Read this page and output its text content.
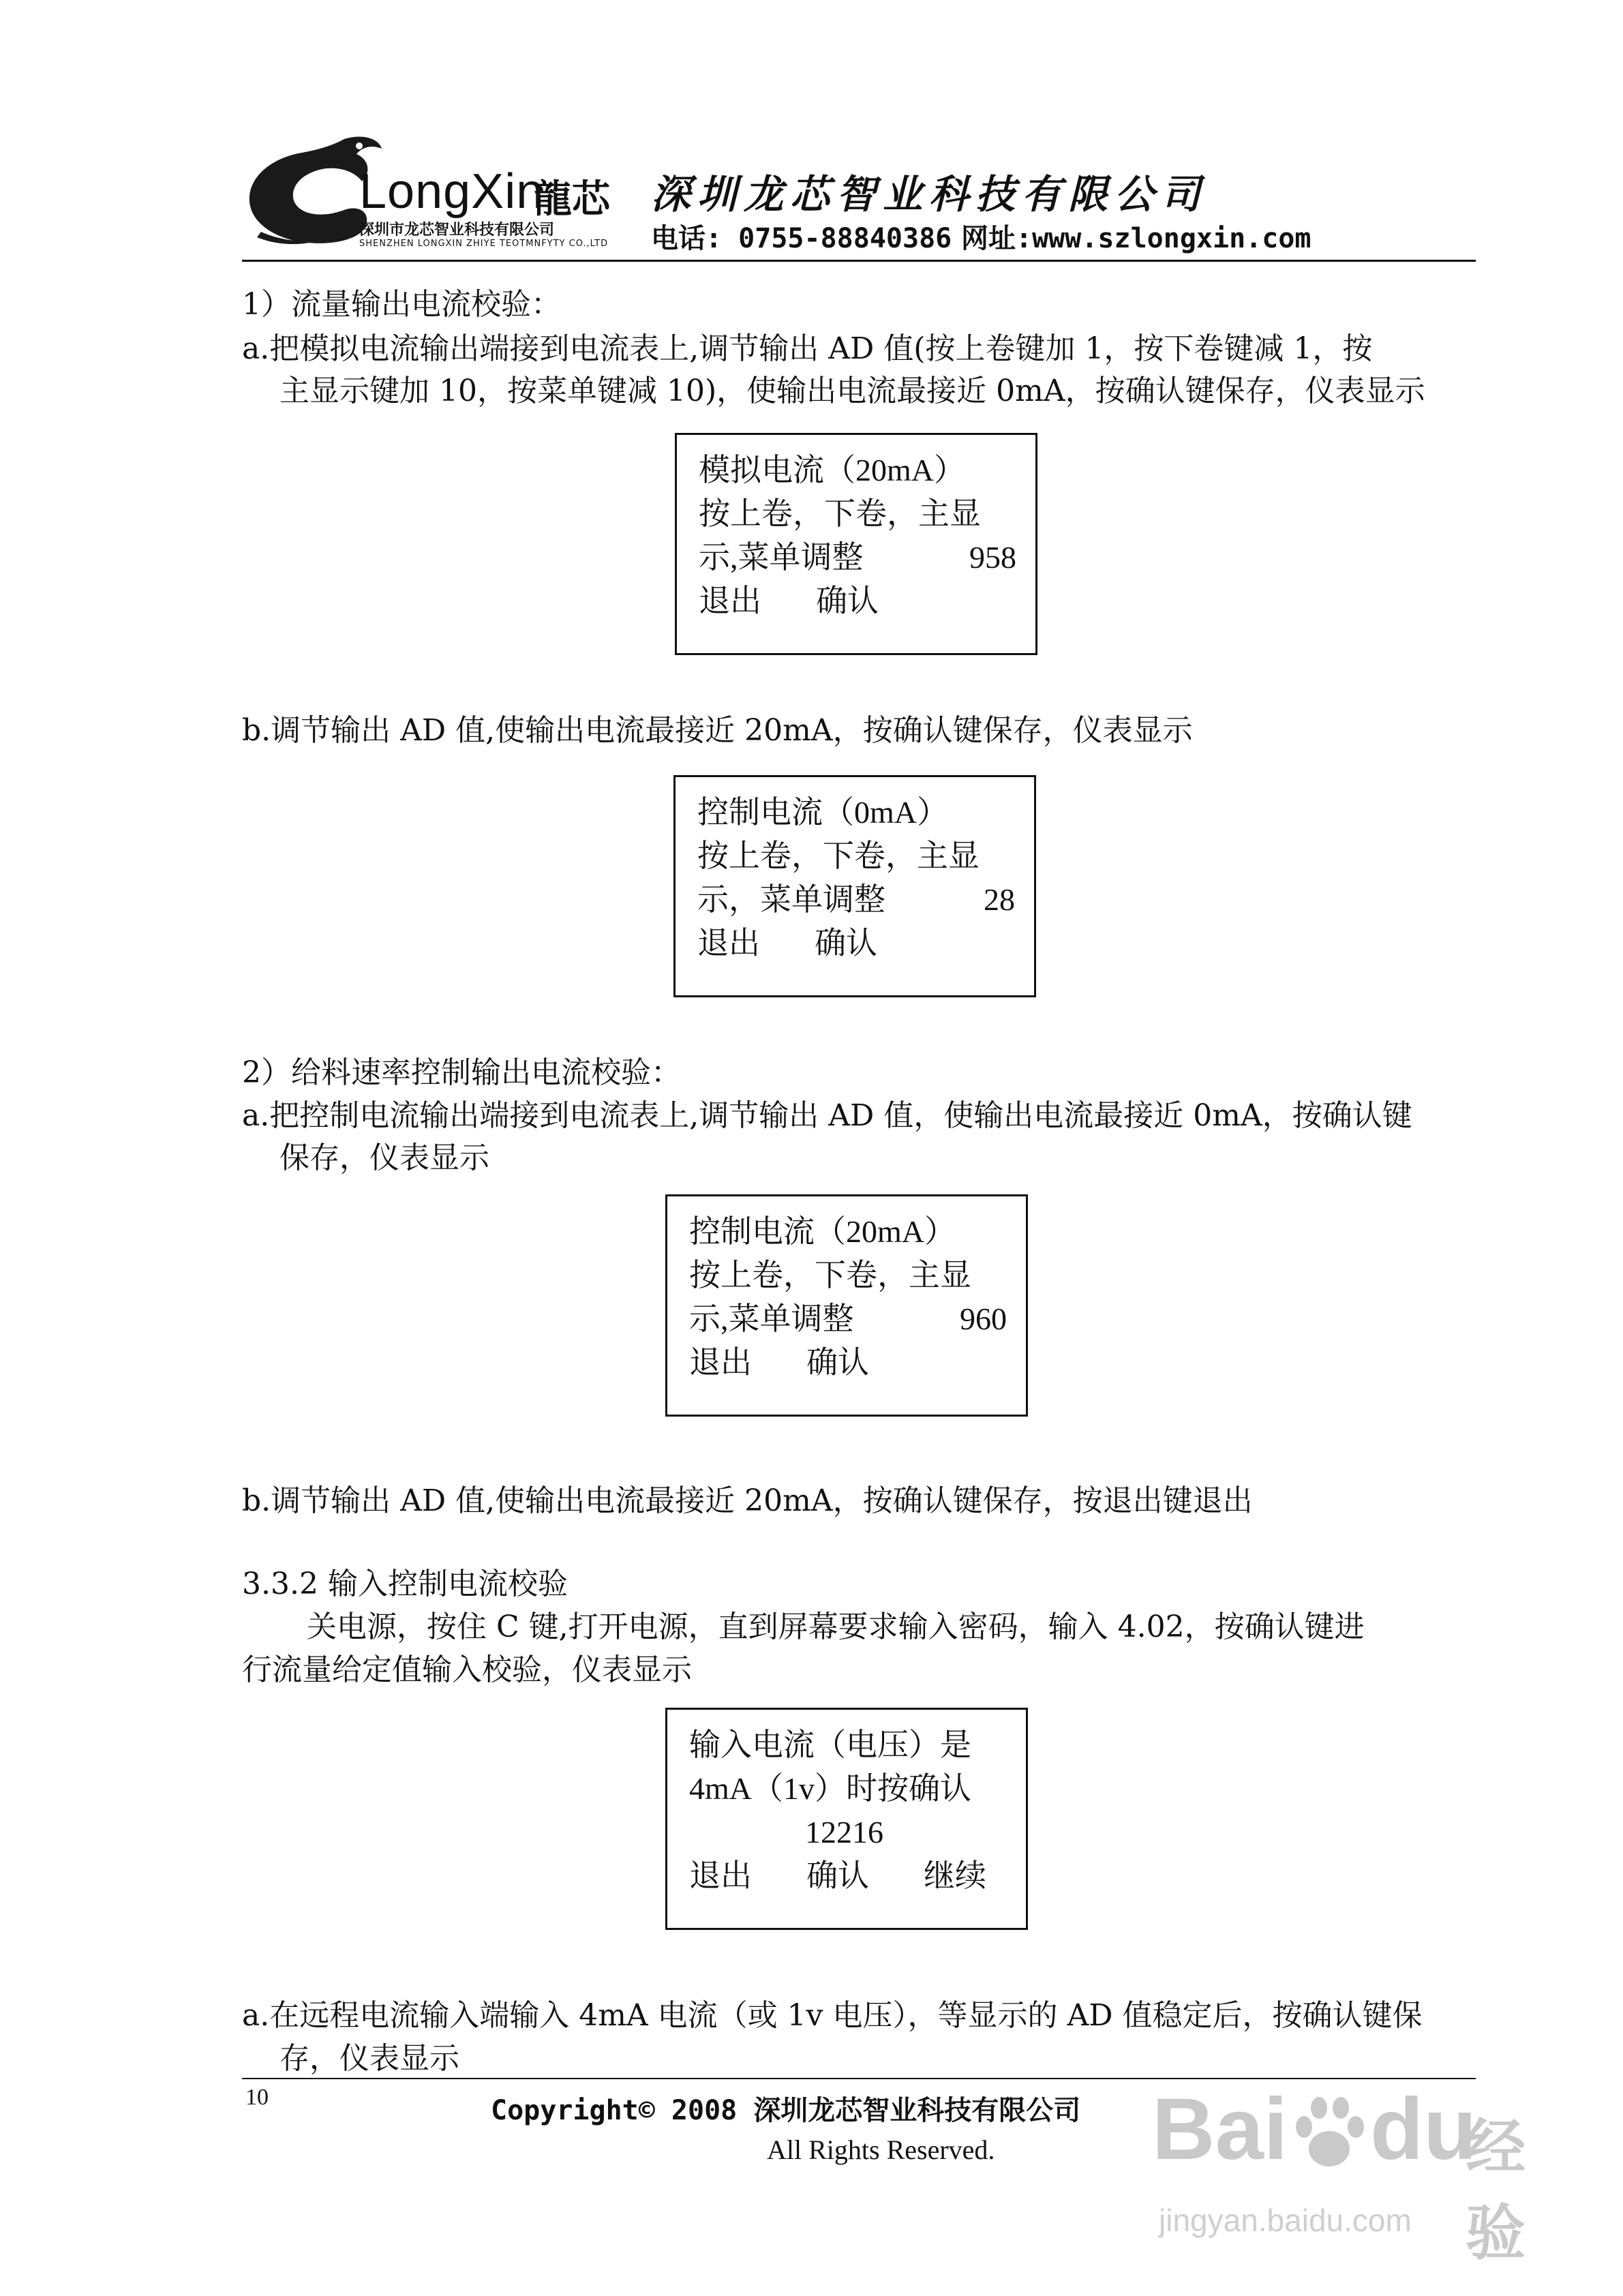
LongXin
龍芯
深圳市龙芯智业科技有限公司
SHENZHEN LONGXIN ZHIYE TEOTMNFYTY CO.,LTD
深圳龙芯智业科技有限公司
电话: 0755-88840386 网址:www.szlongxin.com
1）流量输出电流校验：
a.把模拟电流输出端接到电流表上,调节输出 AD 值(按上卷键加 1，按下卷键减 1，按
主显示键加 10，按菜单键减 10)，使输出电流最接近 0mA，按确认键保存，仪表显示
模拟电流（20mA）
按上卷，下卷，主显
示,菜单调整	958
退出 确认
b.调节输出 AD 值,使输出电流最接近 20mA，按确认键保存，仪表显示
控制电流（0mA）
按上卷，下卷，主显
示，菜单调整	28
退出 确认
2）给料速率控制输出电流校验：
a.把控制电流输出端接到电流表上,调节输出 AD 值，使输出电流最接近 0mA，按确认键
保存，仪表显示
控制电流（20mA）
按上卷，下卷，主显
示,菜单调整	960
退出 确认
b.调节输出 AD 值,使输出电流最接近 20mA，按确认键保存，按退出键退出
3.3.2 输入控制电流校验
关电源，按住 C 键,打开电源，直到屏幕要求输入密码，输入 4.02，按确认键进
行流量给定值输入校验，仪表显示
输入电流（电压）是
4mA（1v）时按确认
12216
退出 确认 继续
a.在远程电流输入端输入 4mA 电流（或 1v 电压），等显示的 AD 值稳定后，按确认键保
存，仪表显示
10	Copyright© 2008 深圳龙芯智业科技有限公司
All Rights Reserved. Bai du
经验
jingyan.baidu.com
